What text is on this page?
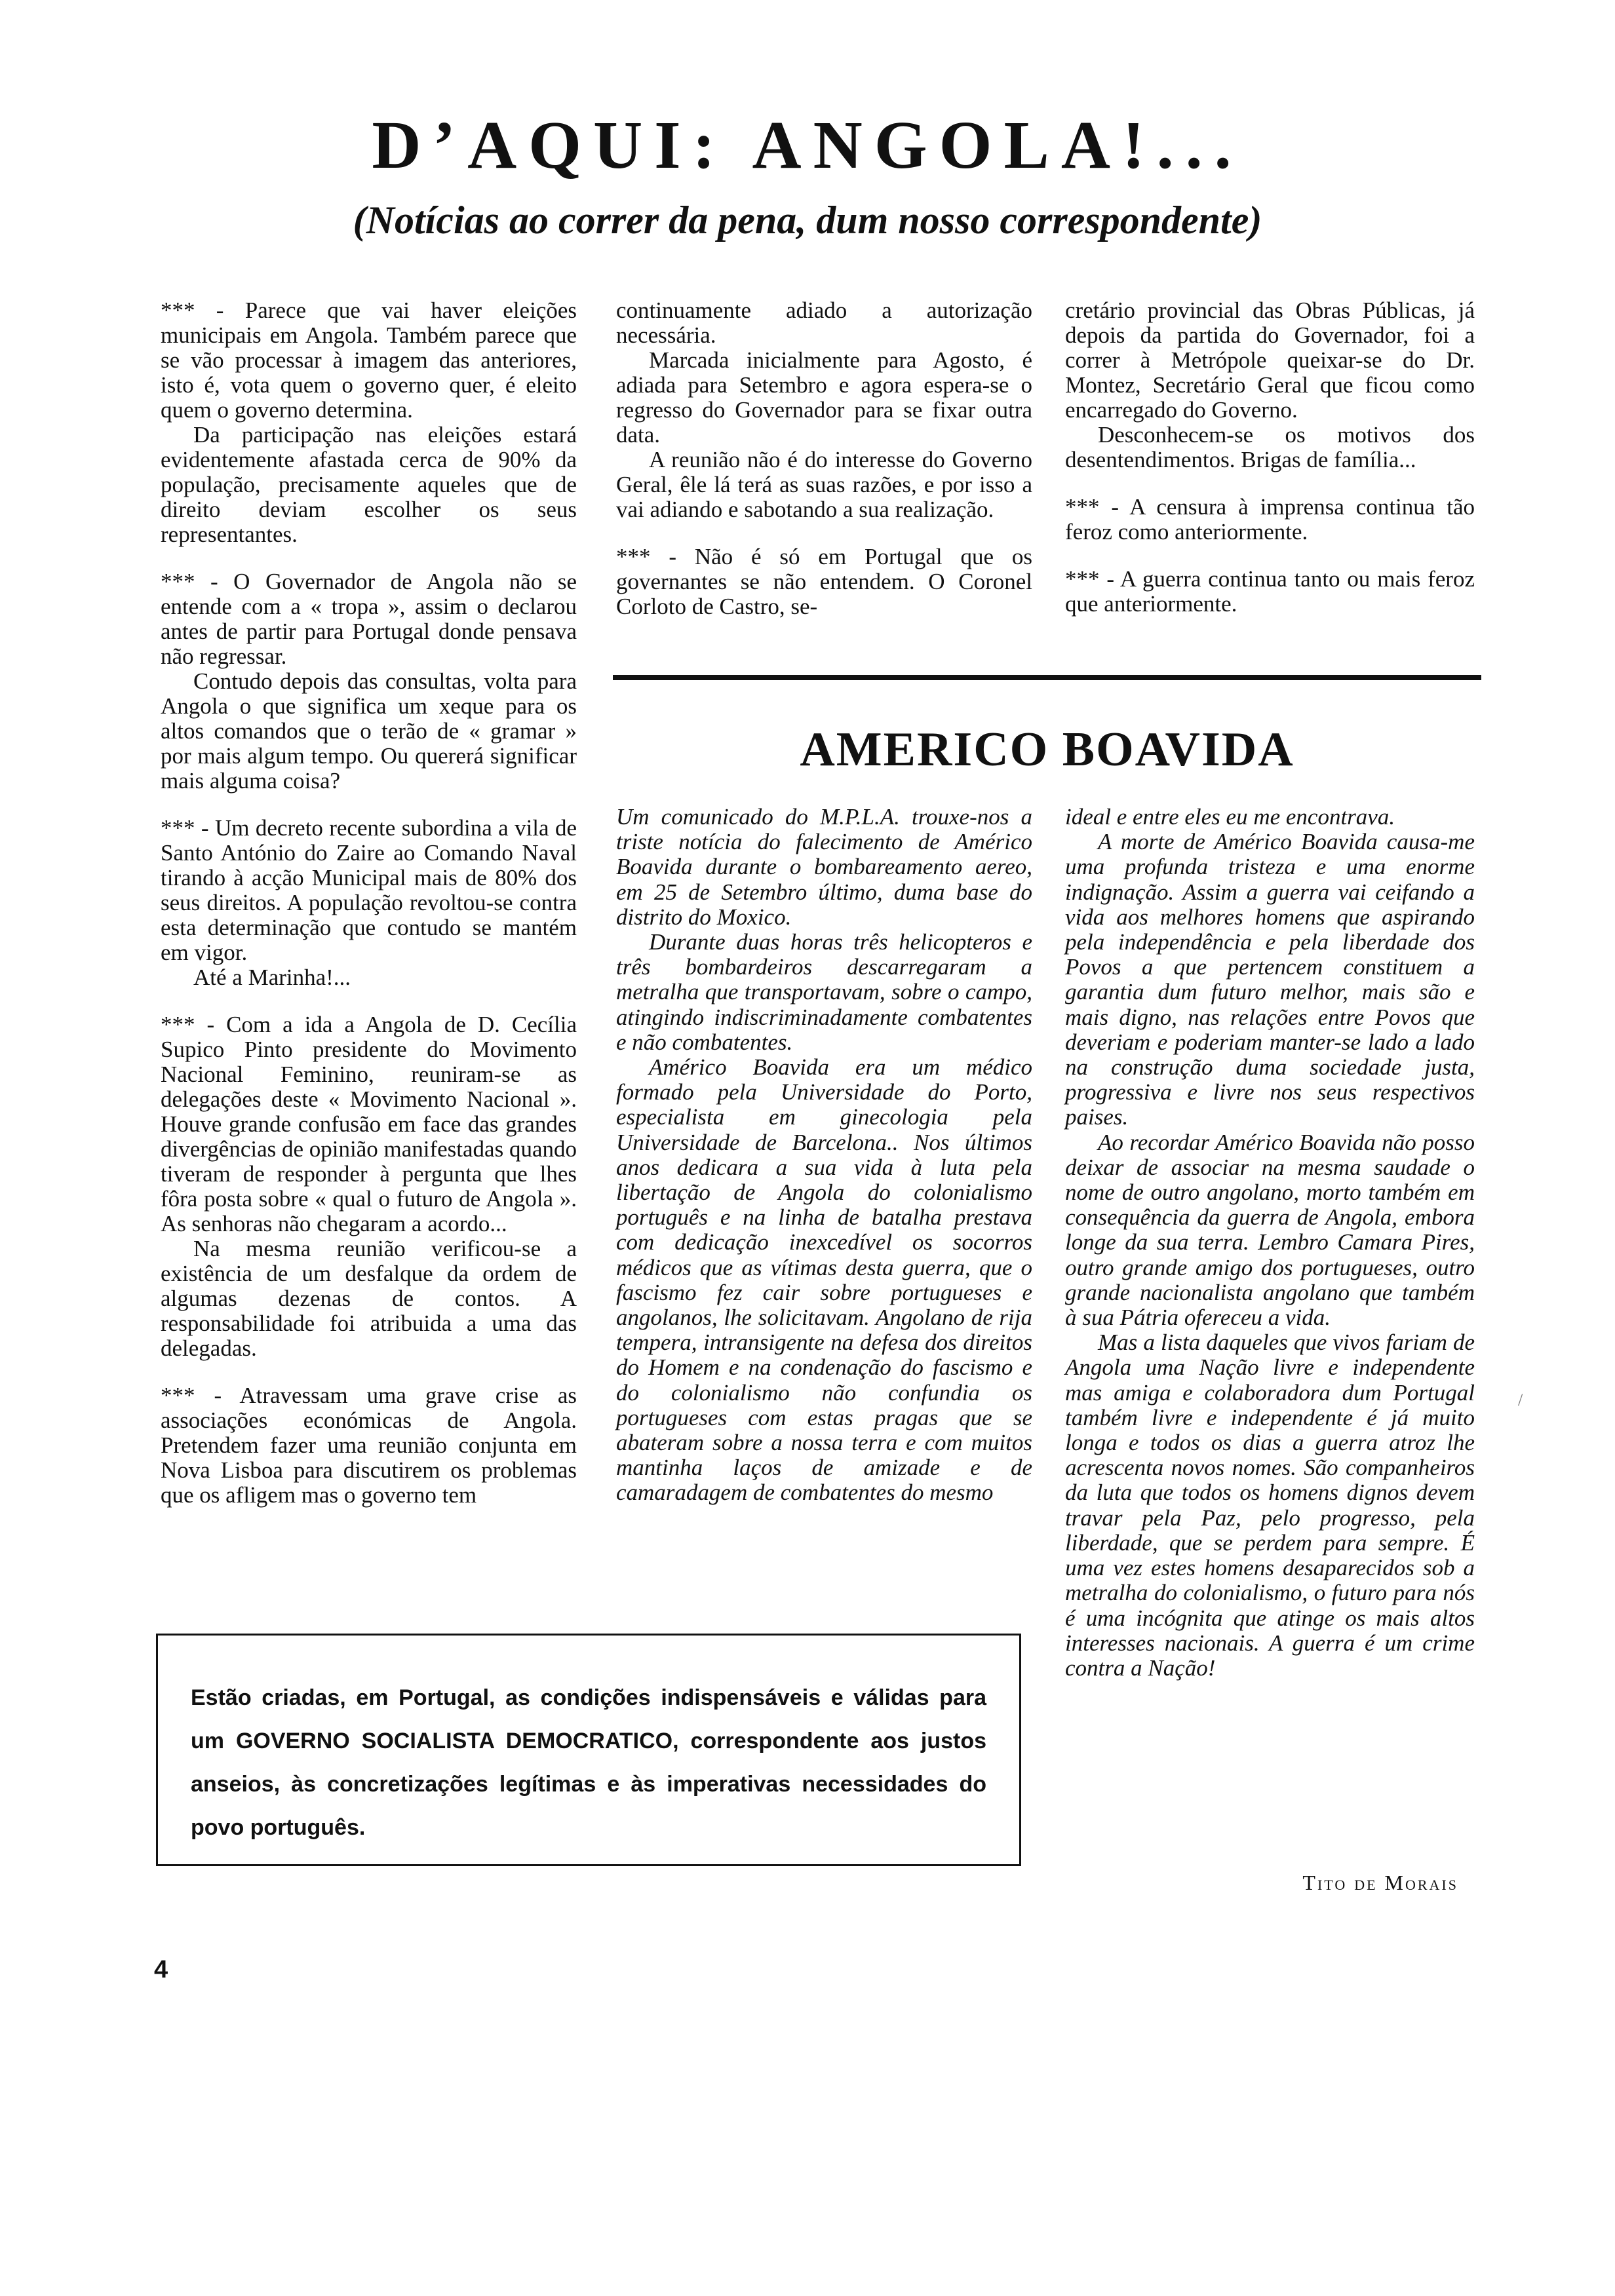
D’AQUI: ANGOLA!...
(Notícias ao correr da pena, dum nosso correspondente)

*** - Parece que vai haver eleições municipais em Angola. Também parece que se vão processar à imagem das anteriores, isto é, vota quem o governo quer, é eleito quem o governo determina.

Da participação nas eleições estará evidentemente afastada cerca de 90% da população, precisamente aqueles que de direito deviam escolher os seus representantes.

*** - O Governador de Angola não se entende com a « tropa », assim o declarou antes de partir para Portugal donde pensava não regressar.

Contudo depois das consultas, volta para Angola o que significa um xeque para os altos comandos que o terão de « gramar » por mais algum tempo. Ou quererá significar mais alguma coisa?

*** - Um decreto recente subordina a vila de Santo António do Zaire ao Comando Naval tirando à acção Municipal mais de 80% dos seus direitos. A população revoltou-se contra esta determinação que contudo se mantém em vigor.

Até a Marinha!...

*** - Com a ida a Angola de D. Cecília Supico Pinto presidente do Movimento Nacional Feminino, reuniram-se as delegações deste « Movimento Nacional ». Houve grande confusão em face das grandes divergências de opinião manifestadas quando tiveram de responder à pergunta que lhes fôra posta sobre « qual o futuro de Angola ». As senhoras não chegaram a acordo...

Na mesma reunião verificou-se a existência de um desfalque da ordem de algumas dezenas de contos. A responsabilidade foi atribuida a uma das delegadas.

*** - Atravessam uma grave crise as associações económicas de Angola. Pretendem fazer uma reunião conjunta em Nova Lisboa para discutirem os problemas que os afligem mas o governo tem

continuamente adiado a autorização necessária.

Marcada inicialmente para Agosto, é adiada para Setembro e agora espera-se o regresso do Governador para se fixar outra data.

A reunião não é do interesse do Governo Geral, êle lá terá as suas razões, e por isso a vai adiando e sabotando a sua realização.

*** - Não é só em Portugal que os governantes se não entendem. O Coronel Corloto de Castro, se-

cretário provincial das Obras Públicas, já depois da partida do Governador, foi a correr à Metrópole queixar-se do Dr. Montez, Secretário Geral que ficou como encarregado do Governo.

Desconhecem-se os motivos dos desentendimentos. Brigas de família...

*** - A censura à imprensa continua tão feroz como anteriormente.

*** - A guerra continua tanto ou mais feroz que anteriormente.

AMERICO BOAVIDA

Um comunicado do M.P.L.A. trouxe-nos a triste notícia do falecimento de Américo Boavida durante o bombareamento aereo, em 25 de Setembro último, duma base do distrito do Moxico.

Durante duas horas três helicopteros e três bombardeiros descarregaram a metralha que transportavam, sobre o campo, atingindo indiscriminadamente combatentes e não combatentes.

Américo Boavida era um médico formado pela Universidade do Porto, especialista em ginecologia pela Universidade de Barcelona.. Nos últimos anos dedicara a sua vida à luta pela libertação de Angola do colonialismo português e na linha de batalha prestava com dedicação inexcedível os socorros médicos que as vítimas desta guerra, que o fascismo fez cair sobre portugueses e angolanos, lhe solicitavam. Angolano de rija tempera, intransigente na defesa dos direitos do Homem e na condenação do fascismo e do colonialismo não confundia os portugueses com estas pragas que se abateram sobre a nossa terra e com muitos mantinha laços de amizade e de camaradagem de combatentes do mesmo

ideal e entre eles eu me encontrava.

A morte de Américo Boavida causa-me uma profunda tristeza e uma enorme indignação. Assim a guerra vai ceifando a vida aos melhores homens que aspirando pela independência e pela liberdade dos Povos a que pertencem constituem a garantia dum futuro melhor, mais são e mais digno, nas relações entre Povos que deveriam e poderiam manter-se lado a lado na construção duma sociedade justa, progressiva e livre nos seus respectivos paises.

Ao recordar Américo Boavida não posso deixar de associar na mesma saudade o nome de outro angolano, morto também em consequência da guerra de Angola, embora longe da sua terra. Lembro Camara Pires, outro grande amigo dos portugueses, outro grande nacionalista angolano que também à sua Pátria ofereceu a vida.

Mas a lista daqueles que vivos fariam de Angola uma Nação livre e independente mas amiga e colaboradora dum Portugal também livre e independente é já muito longa e todos os dias a guerra atroz lhe acrescenta novos nomes. São companheiros da luta que todos os homens dignos devem travar pela Paz, pelo progresso, pela liberdade, que se perdem para sempre. É uma vez estes homens desaparecidos sob a metralha do colonialismo, o futuro para nós é uma incógnita que atinge os mais altos interesses nacionais. A guerra é um crime contra a Nação!

Tito de Morais
Estão criadas, em Portugal, as condições indispensáveis e válidas para um GOVERNO SOCIALISTA DEMOCRATICO, correspondente aos justos anseios, às concretizações legítimas e às imperativas necessidades do povo português.
4
/
